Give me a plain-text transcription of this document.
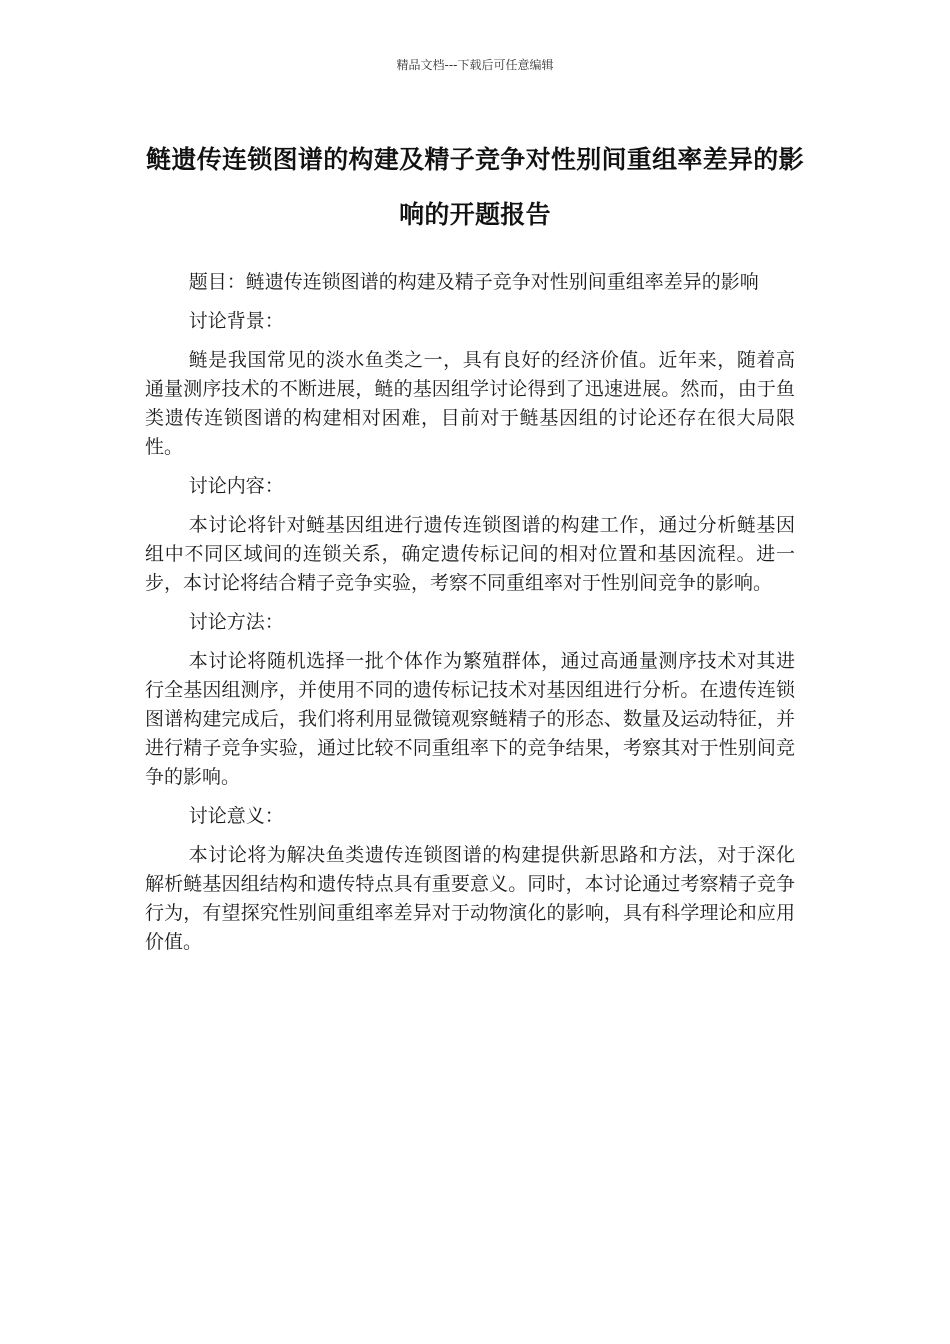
精品文档---下载后可任意编辑
鲢遗传连锁图谱的构建及精子竞争对性别间重组率差异的影响的开题报告

题目：鲢遗传连锁图谱的构建及精子竞争对性别间重组率差异的影响

讨论背景：

鲢是我国常见的淡水鱼类之一，具有良好的经济价值。近年来，随着高通量测序技术的不断进展，鲢的基因组学讨论得到了迅速进展。然而，由于鱼类遗传连锁图谱的构建相对困难，目前对于鲢基因组的讨论还存在很大局限性。

讨论内容：

本讨论将针对鲢基因组进行遗传连锁图谱的构建工作，通过分析鲢基因组中不同区域间的连锁关系，确定遗传标记间的相对位置和基因流程。进一步，本讨论将结合精子竞争实验，考察不同重组率对于性别间竞争的影响。

讨论方法：

本讨论将随机选择一批个体作为繁殖群体，通过高通量测序技术对其进行全基因组测序，并使用不同的遗传标记技术对基因组进行分析。在遗传连锁图谱构建完成后，我们将利用显微镜观察鲢精子的形态、数量及运动特征，并进行精子竞争实验，通过比较不同重组率下的竞争结果，考察其对于性别间竞争的影响。

讨论意义：

本讨论将为解决鱼类遗传连锁图谱的构建提供新思路和方法，对于深化解析鲢基因组结构和遗传特点具有重要意义。同时，本讨论通过考察精子竞争行为，有望探究性别间重组率差异对于动物演化的影响，具有科学理论和应用价值。
